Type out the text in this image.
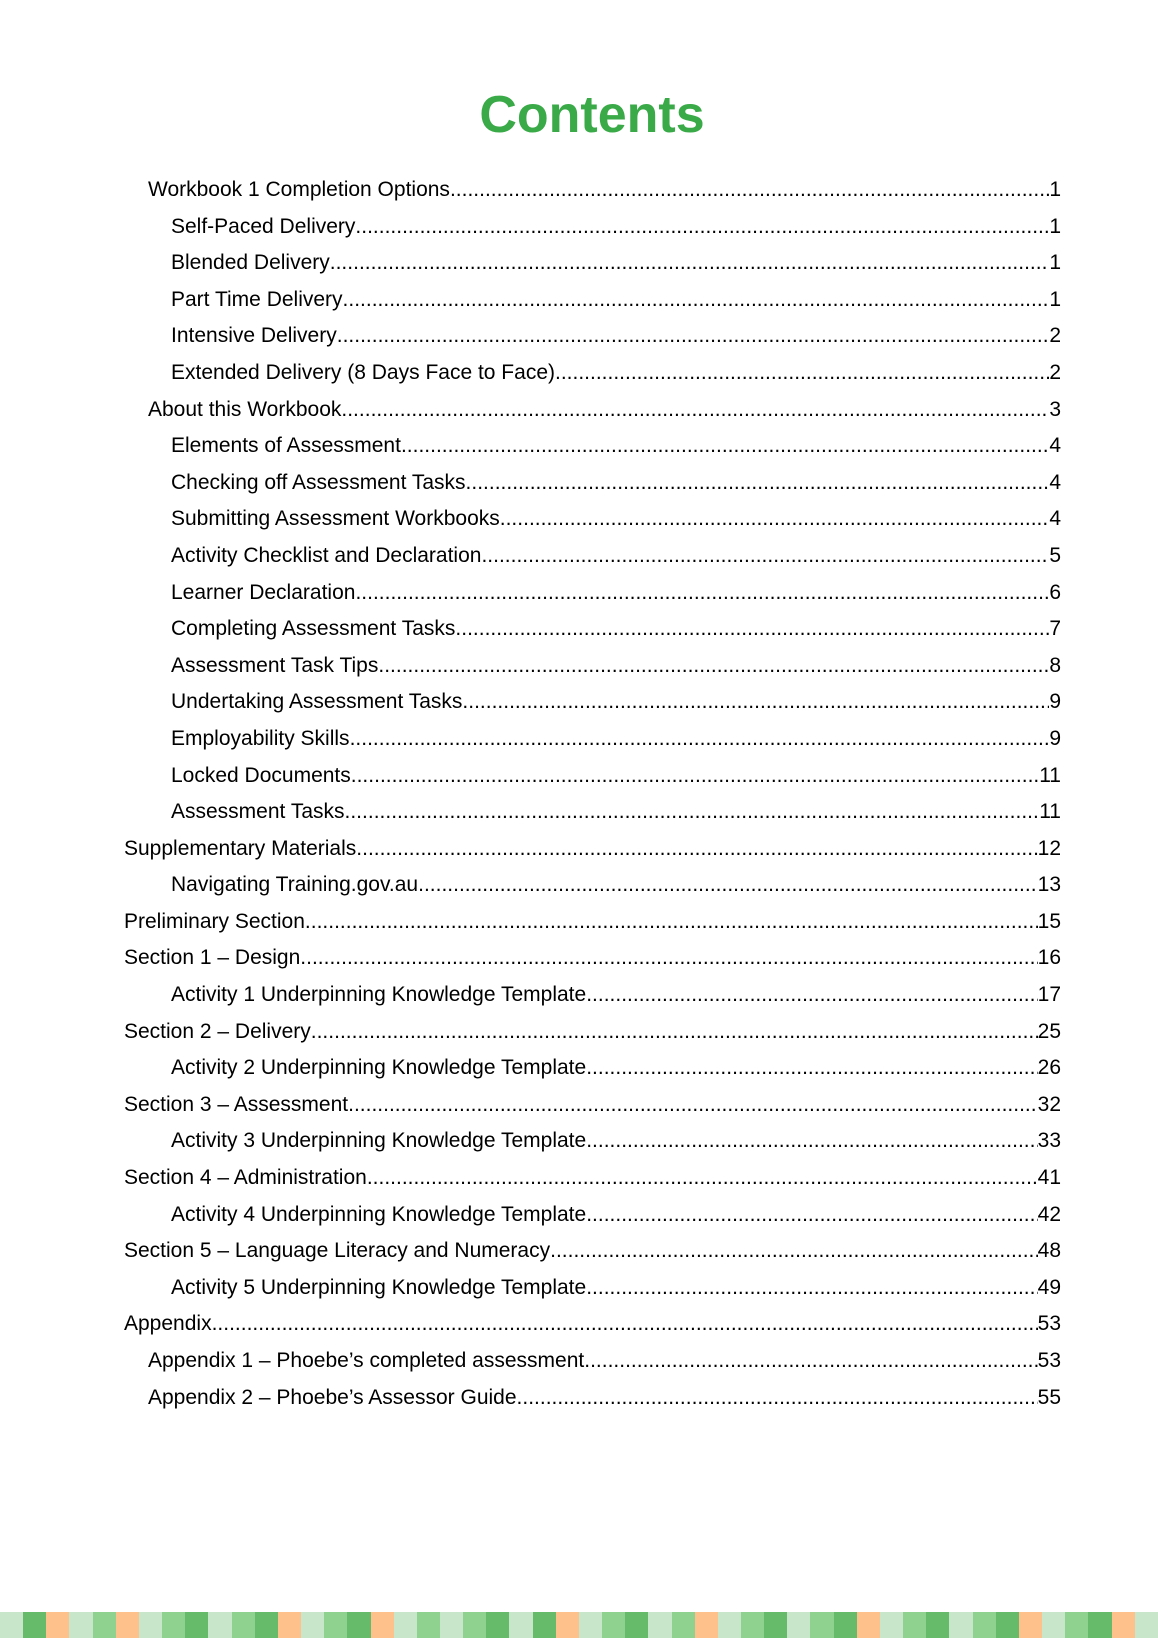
Contents
Workbook 1 Completion Options .....	1
Self-Paced Delivery .....	1
Blended Delivery .....	1
Part Time Delivery .....	1
Intensive Delivery .....	2
Extended Delivery (8 Days Face to Face) .....	2
About this Workbook .....	3
Elements of Assessment .....	4
Checking off Assessment Tasks .....	4
Submitting Assessment Workbooks .....	4
Activity Checklist and Declaration .....	5
Learner Declaration .....	6
Completing Assessment Tasks .....	7
Assessment Task Tips .....	8
Undertaking Assessment Tasks .....	9
Employability Skills .....	9
Locked Documents .....	11
Assessment Tasks .....	11
Supplementary Materials .....	12
Navigating Training.gov.au .....	13
Preliminary Section .....	15
Section 1 – Design .....	16
Activity 1 Underpinning Knowledge Template .....	17
Section 2 – Delivery .....	25
Activity 2 Underpinning Knowledge Template .....	26
Section 3 – Assessment .....	32
Activity 3 Underpinning Knowledge Template .....	33
Section 4 – Administration .....	41
Activity 4 Underpinning Knowledge Template .....	42
Section 5 – Language Literacy and Numeracy .....	48
Activity 5 Underpinning Knowledge Template .....	49
Appendix .....	53
Appendix 1 – Phoebe’s completed assessment .....	53
Appendix 2 – Phoebe’s Assessor Guide .....	55
